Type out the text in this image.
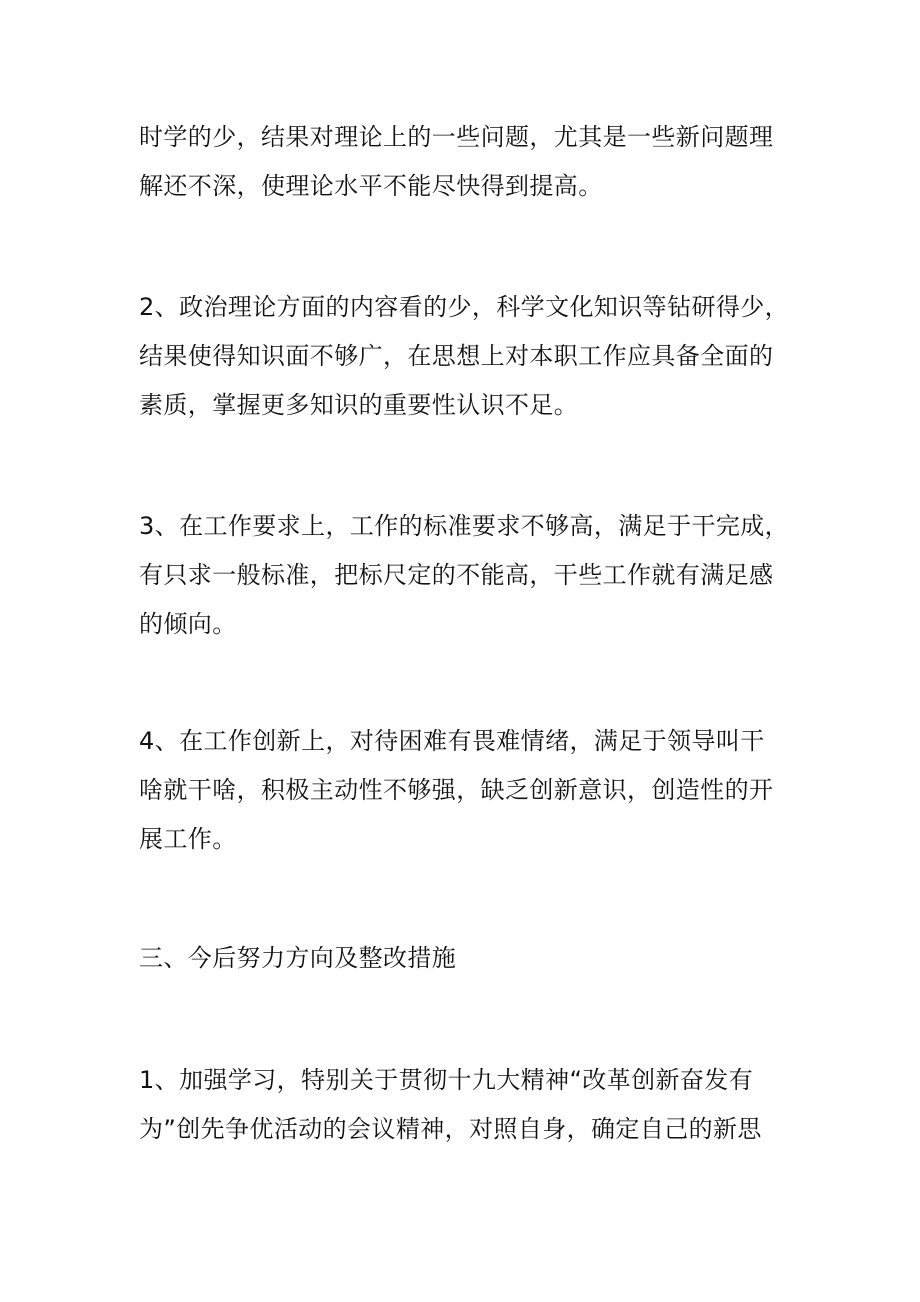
时学的少，结果对理论上的一些问题，尤其是一些新问题理
解还不深，使理论水平不能尽快得到提高。

2、政治理论方面的内容看的少，科学文化知识等钻研得少，
结果使得知识面不够广，在思想上对本职工作应具备全面的
素质，掌握更多知识的重要性认识不足。

3、在工作要求上，工作的标准要求不够高，满足于干完成，
有只求一般标准，把标尺定的不能高，干些工作就有满足感
的倾向。

4、在工作创新上，对待困难有畏难情绪，满足于领导叫干
啥就干啥，积极主动性不够强，缺乏创新意识，创造性的开
展工作。

三、今后努力方向及整改措施

1、加强学习，特别关于贯彻十九大精神“改革创新奋发有
为”创先争优活动的会议精神，对照自身，确定自己的新思
